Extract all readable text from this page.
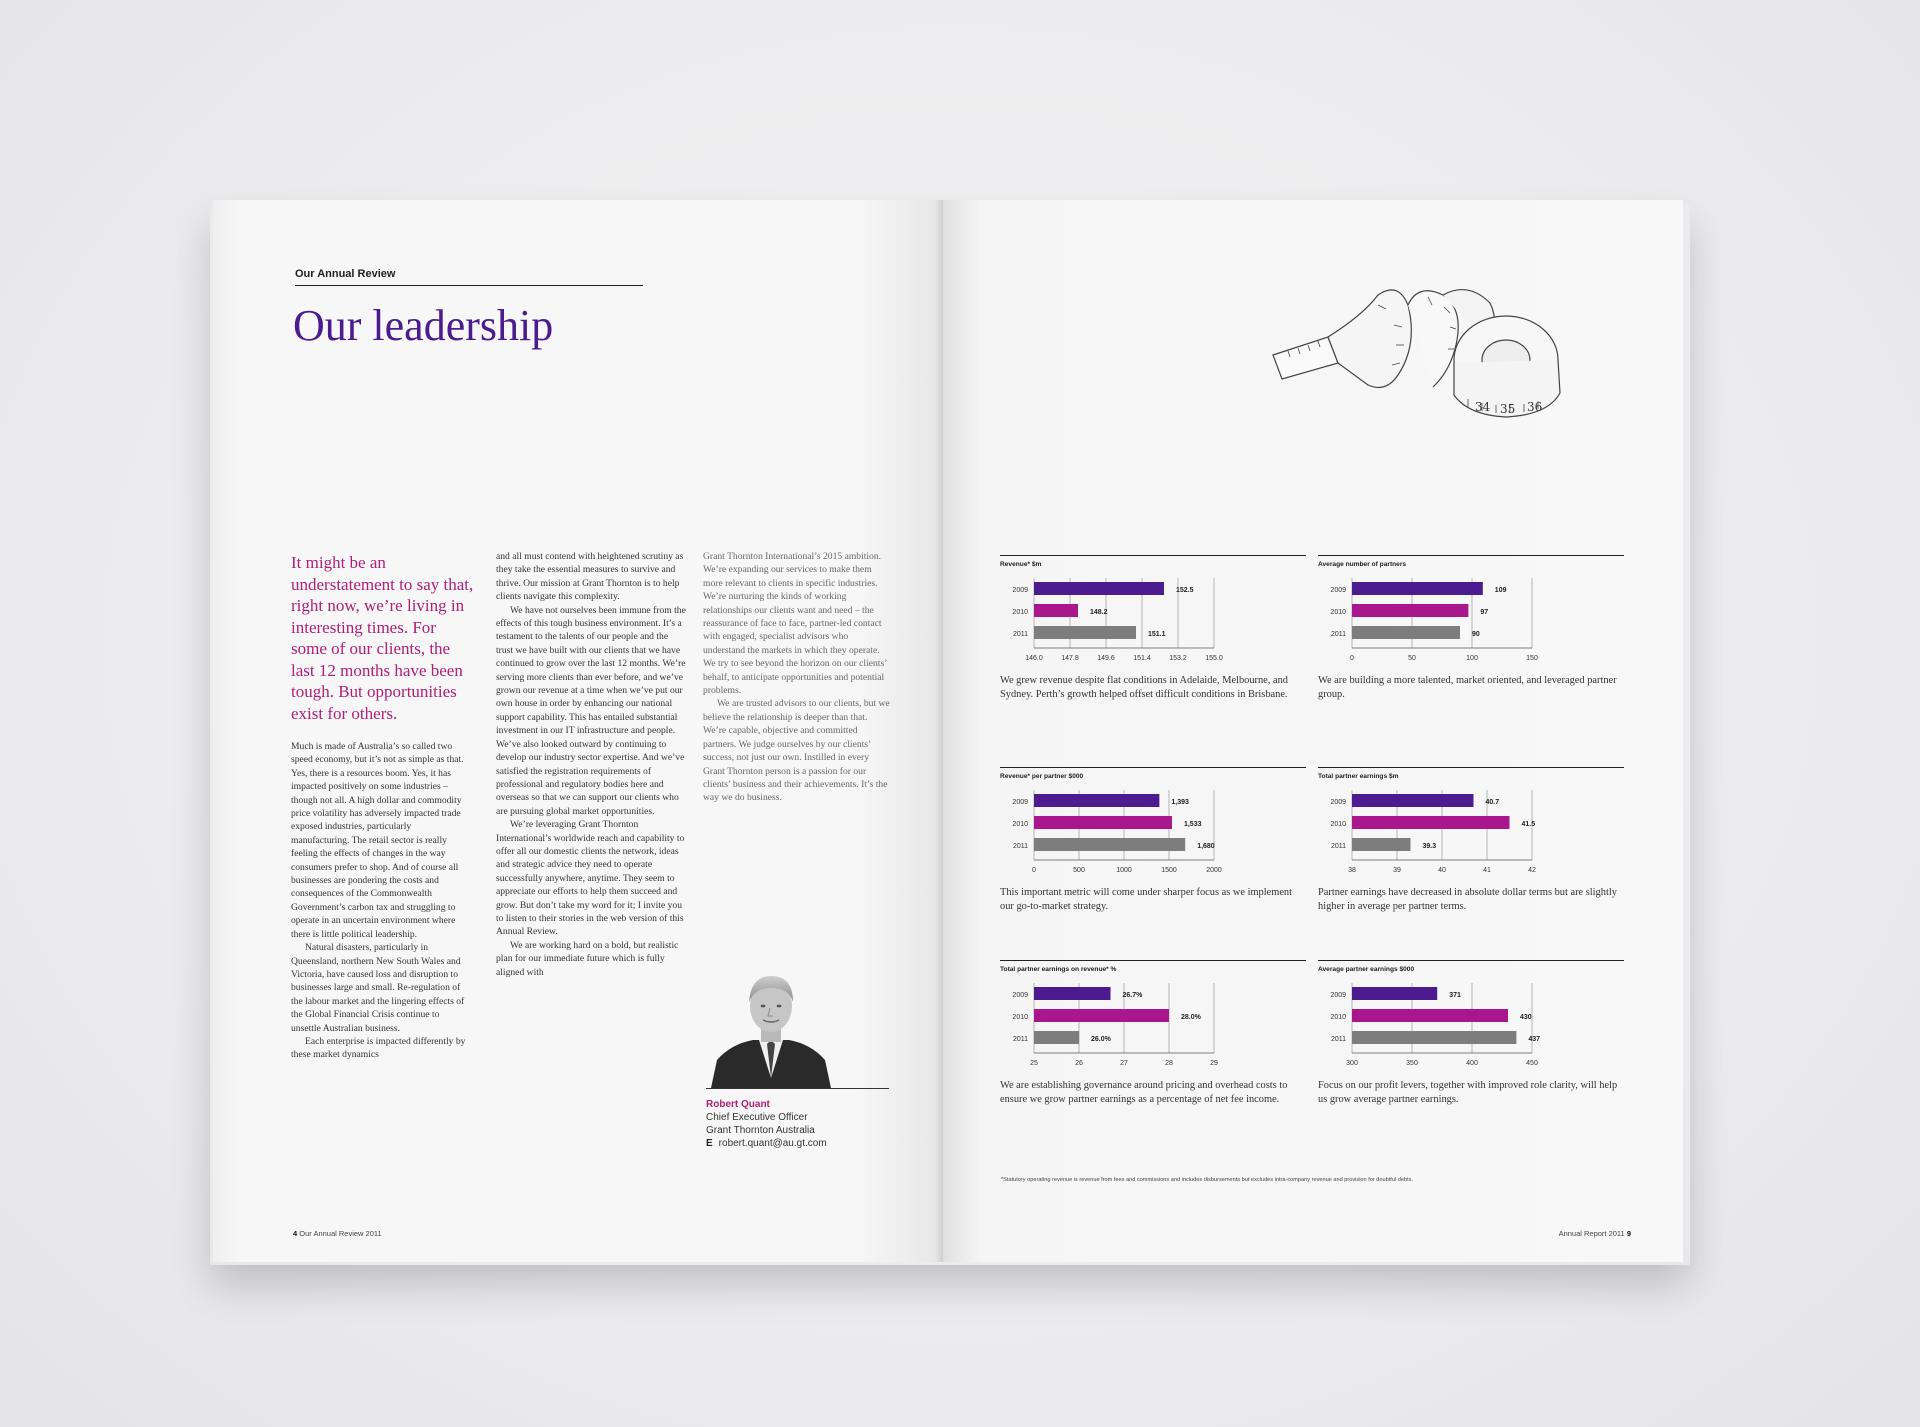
Our Annual Review
Our leadership

It might be an understatement to say that, right now, we’re living in interesting times. For some of our clients, the last 12 months have been tough. But opportunities exist for others.

Much is made of Australia’s so called two speed economy, but it’s not as simple as that. Yes, there is a resources boom. Yes, it has impacted positively on some industries – though not all. A high dollar and commodity price volatility has adversely impacted trade exposed industries, particularly manufacturing. The retail sector is really feeling the effects of changes in the way consumers prefer to shop. And of course all businesses are pondering the costs and consequences of the Commonwealth Government’s carbon tax and struggling to operate in an uncertain environment where there is little political leadership.

Natural disasters, particularly in Queensland, northern New South Wales and Victoria, have caused loss and disruption to businesses large and small. Re-regulation of the labour market and the lingering effects of the Global Financial Crisis continue to unsettle Australian business.

Each enterprise is impacted differently by these market dynamics

and all must contend with heightened scrutiny as they take the essential measures to survive and thrive. Our mission at Grant Thornton is to help clients navigate this complexity.

We have not ourselves been immune from the effects of this tough business environment. It’s a testament to the talents of our people and the trust we have built with our clients that we have continued to grow over the last 12 months. We’re serving more clients than ever before, and we’ve grown our revenue at a time when we’ve put our own house in order by enhancing our national support capability. This has entailed substantial investment in our IT infrastructure and people. We’ve also looked outward by continuing to develop our industry sector expertise. And we’ve satisfied the registration requirements of professional and regulatory bodies here and overseas so that we can support our clients who are pursuing global market opportunities.

We’re leveraging Grant Thornton International’s worldwide reach and capability to offer all our domestic clients the network, ideas and strategic advice they need to operate successfully anywhere, anytime. They seem to appreciate our efforts to help them succeed and grow. But don’t take my word for it; I invite you to listen to their stories in the web version of this Annual Review.

We are working hard on a bold, but realistic plan for our immediate future which is fully aligned with

Grant Thornton International’s 2015 ambition. We’re expanding our services to make them more relevant to clients in specific industries. We’re nurturing the kinds of working relationships our clients want and need – the reassurance of face to face, partner-led contact with engaged, specialist advisors who understand the markets in which they operate. We try to see beyond the horizon on our clients’ behalf, to anticipate opportunities and potential problems.

We are trusted advisors to our clients, but we believe the relationship is deeper than that. We’re capable, objective and committed partners. We judge ourselves by our clients’ success, not just our own. Instilled in every Grant Thornton person is a passion for our clients’ business and their achievements. It’s the way we do business.

Robert Quant
Chief Executive Officer
Grant Thornton Australia
E robert.quant@au.gt.com
4 Our Annual Review 2011
34 35 36
Revenue* $m
146.0	147.8	149.6	151.4	153.2	155.0
2009	152.5
2010	148.2
2011	151.1
We grew revenue despite flat conditions in Adelaide, Melbourne, and Sydney. Perth’s growth helped offset difficult conditions in Brisbane.
Average number of partners
0	50	100	150
2009	109
2010	97
2011	90
We are building a more talented, market oriented, and leveraged partner group.
Revenue* per partner $000
0	500	1000	1500	2000
2009	1,393
2010	1,533
2011	1,680
This important metric will come under sharper focus as we implement our go-to-market strategy.
Total partner earnings $m
38	39	40	41	42
2009	40.7
2010	41.5
2011	39.3
Partner earnings have decreased in absolute dollar terms but are slightly higher in average per partner terms.
Total partner earnings on revenue* %
25	26	27	28	29
2009	26.7%
2010	28.0%
2011	26.0%
We are establishing governance around pricing and overhead costs to ensure we grow partner earnings as a percentage of net fee income.
Average partner earnings $000
300	350	400	450
2009	371
2010	430
2011	437
Focus on our profit levers, together with improved role clarity, will help us grow average partner earnings.
*Statutory operating revenue is revenue from fees and commissions and includes disbursements but excludes intra-company revenue and provision for doubtful debts.
Annual Report 2011 9
